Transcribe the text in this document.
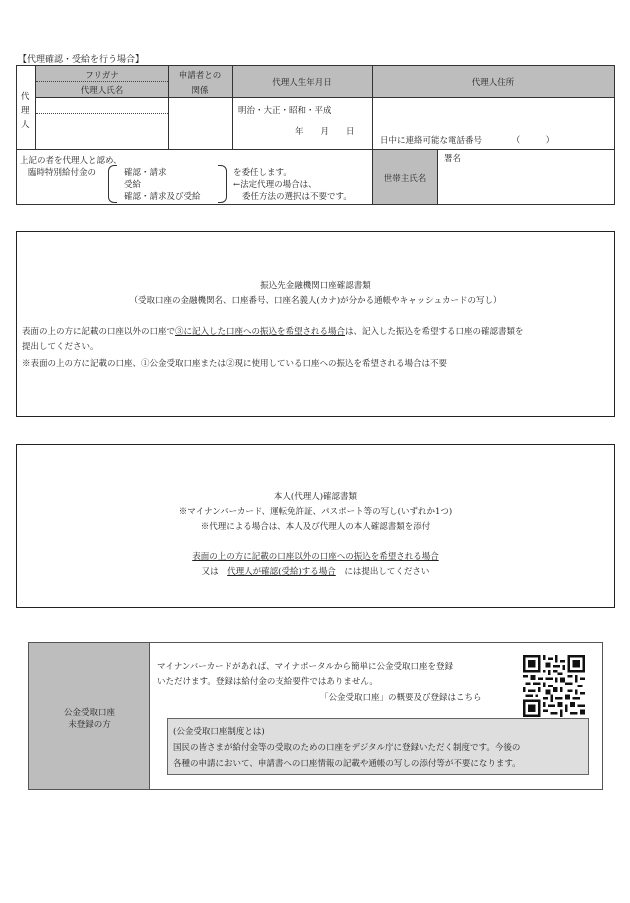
【代理確認・受給を行う場合】
代
理
人
フリガナ
代理人氏名
申請者との
関係
代理人生年月日	代理人住所
明治・大正・昭和・平成
年　　月　　日
日中に連絡可能な電話番号　　　　（　　　）
上記の者を代理人と認め、
臨時特別給付金の	確認・請求
受給
確認・請求及び受給
を委任します。
←法定代理の場合は、
委任方法の選択は不要です。
世帯主氏名
署名
振込先金融機関口座確認書類
（受取口座の金融機関名、口座番号、口座名義人(カナ)が分かる通帳やキャッシュカードの写し）
表面の上の方に記載の口座以外の口座で③に記入した口座への振込を希望される場合は、記入した振込を希望する口座の確認書類を
提出してください。
※表面の上の方に記載の口座、①公金受取口座または②現に使用している口座への振込を希望される場合は不要
本人(代理人)確認書類
※マイナンバーカード、運転免許証、パスポート等の写し(いずれか1つ)
※代理による場合は、本人及び代理人の本人確認書類を添付
表面の上の方に記載の口座以外の口座への振込を希望される場合
又は　 代理人が確認(受給)する場合　 には提出してください
公金受取口座
未登録の方
マイナンバーカードがあれば、マイナポータルから簡単に公金受取口座を登録
いただけます。登録は給付金の支給要件ではありません。
「公金受取口座」の概要及び登録はこちら
(公金受取口座制度とは)
国民の皆さまが給付金等の受取のための口座をデジタル庁に登録いただく制度です。今後の
各種の申請において、申請書への口座情報の記載や通帳の写しの添付等が不要になります。
